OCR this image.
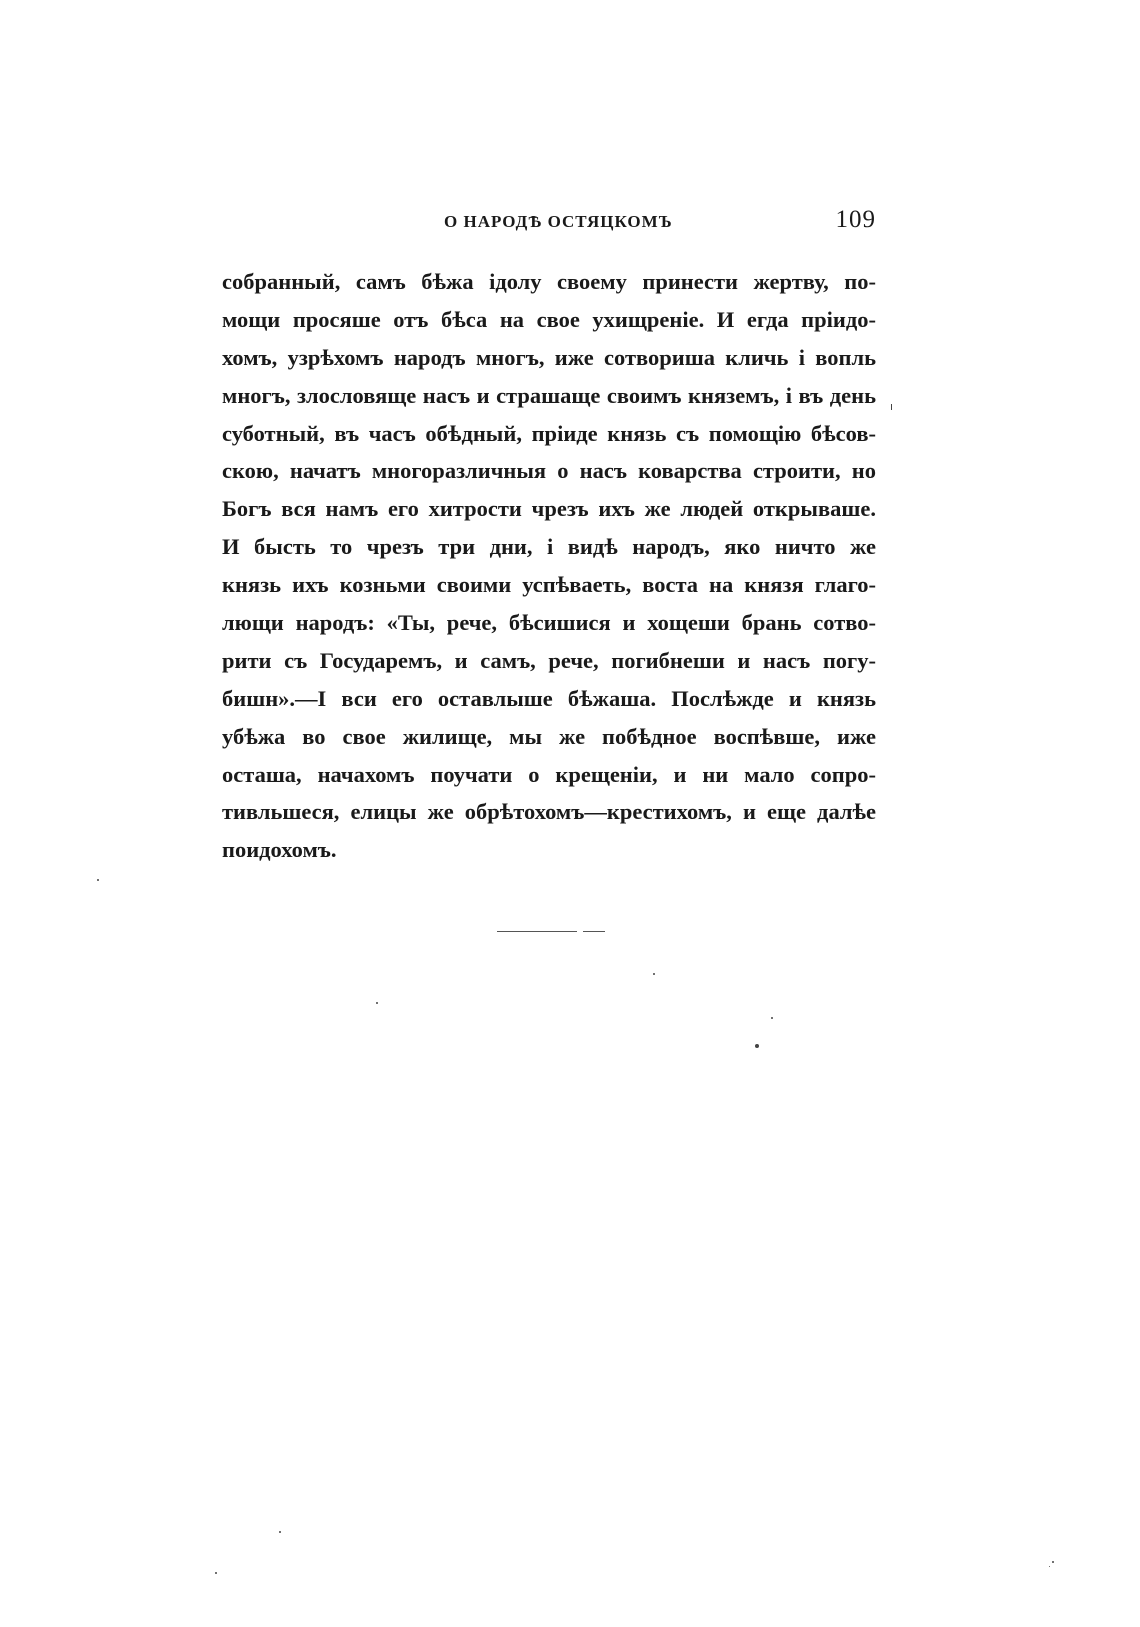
О НАРОДѢ ОСТЯЦКОМЪ	109
собранный, самъ бѣжа ідолу своему принести жертву, по-
мощи просяше отъ бѣса на свое ухищреніе. И егда пріидо-
хомъ, узрѣхомъ народъ многъ, иже сотвориша кличь і вопль
многъ, злословяще насъ и страшаще своимъ княземъ, і въ день
суботный, въ часъ обѣдный, пріиде князь съ помощію бѣсов-
скою, начатъ многоразличныя о насъ коварства строити, но
Богъ вся намъ его хитрости чрезъ ихъ же людей открываше.
И бысть то чрезъ три дни, і видѣ народъ, яко ничто же
князь ихъ козньми своими успѣваеть, воста на князя глаго-
лющи народъ: «Ты, рече, бѣсишися и хощеши брань сотво-
рити съ Государемъ, и самъ, рече, погибнеши и насъ погу-
бишн».—І вси его оставлыше бѣжаша. Послѣжде и князь
убѣжа во свое жилище, мы же побѣдное воспѣвше, иже
осташа, начахомъ поучати о крещеніи, и ни мало сопро-
тивльшеся, елицы же обрѣтохомъ—крестихомъ, и еще далѣе
поидохомъ.
